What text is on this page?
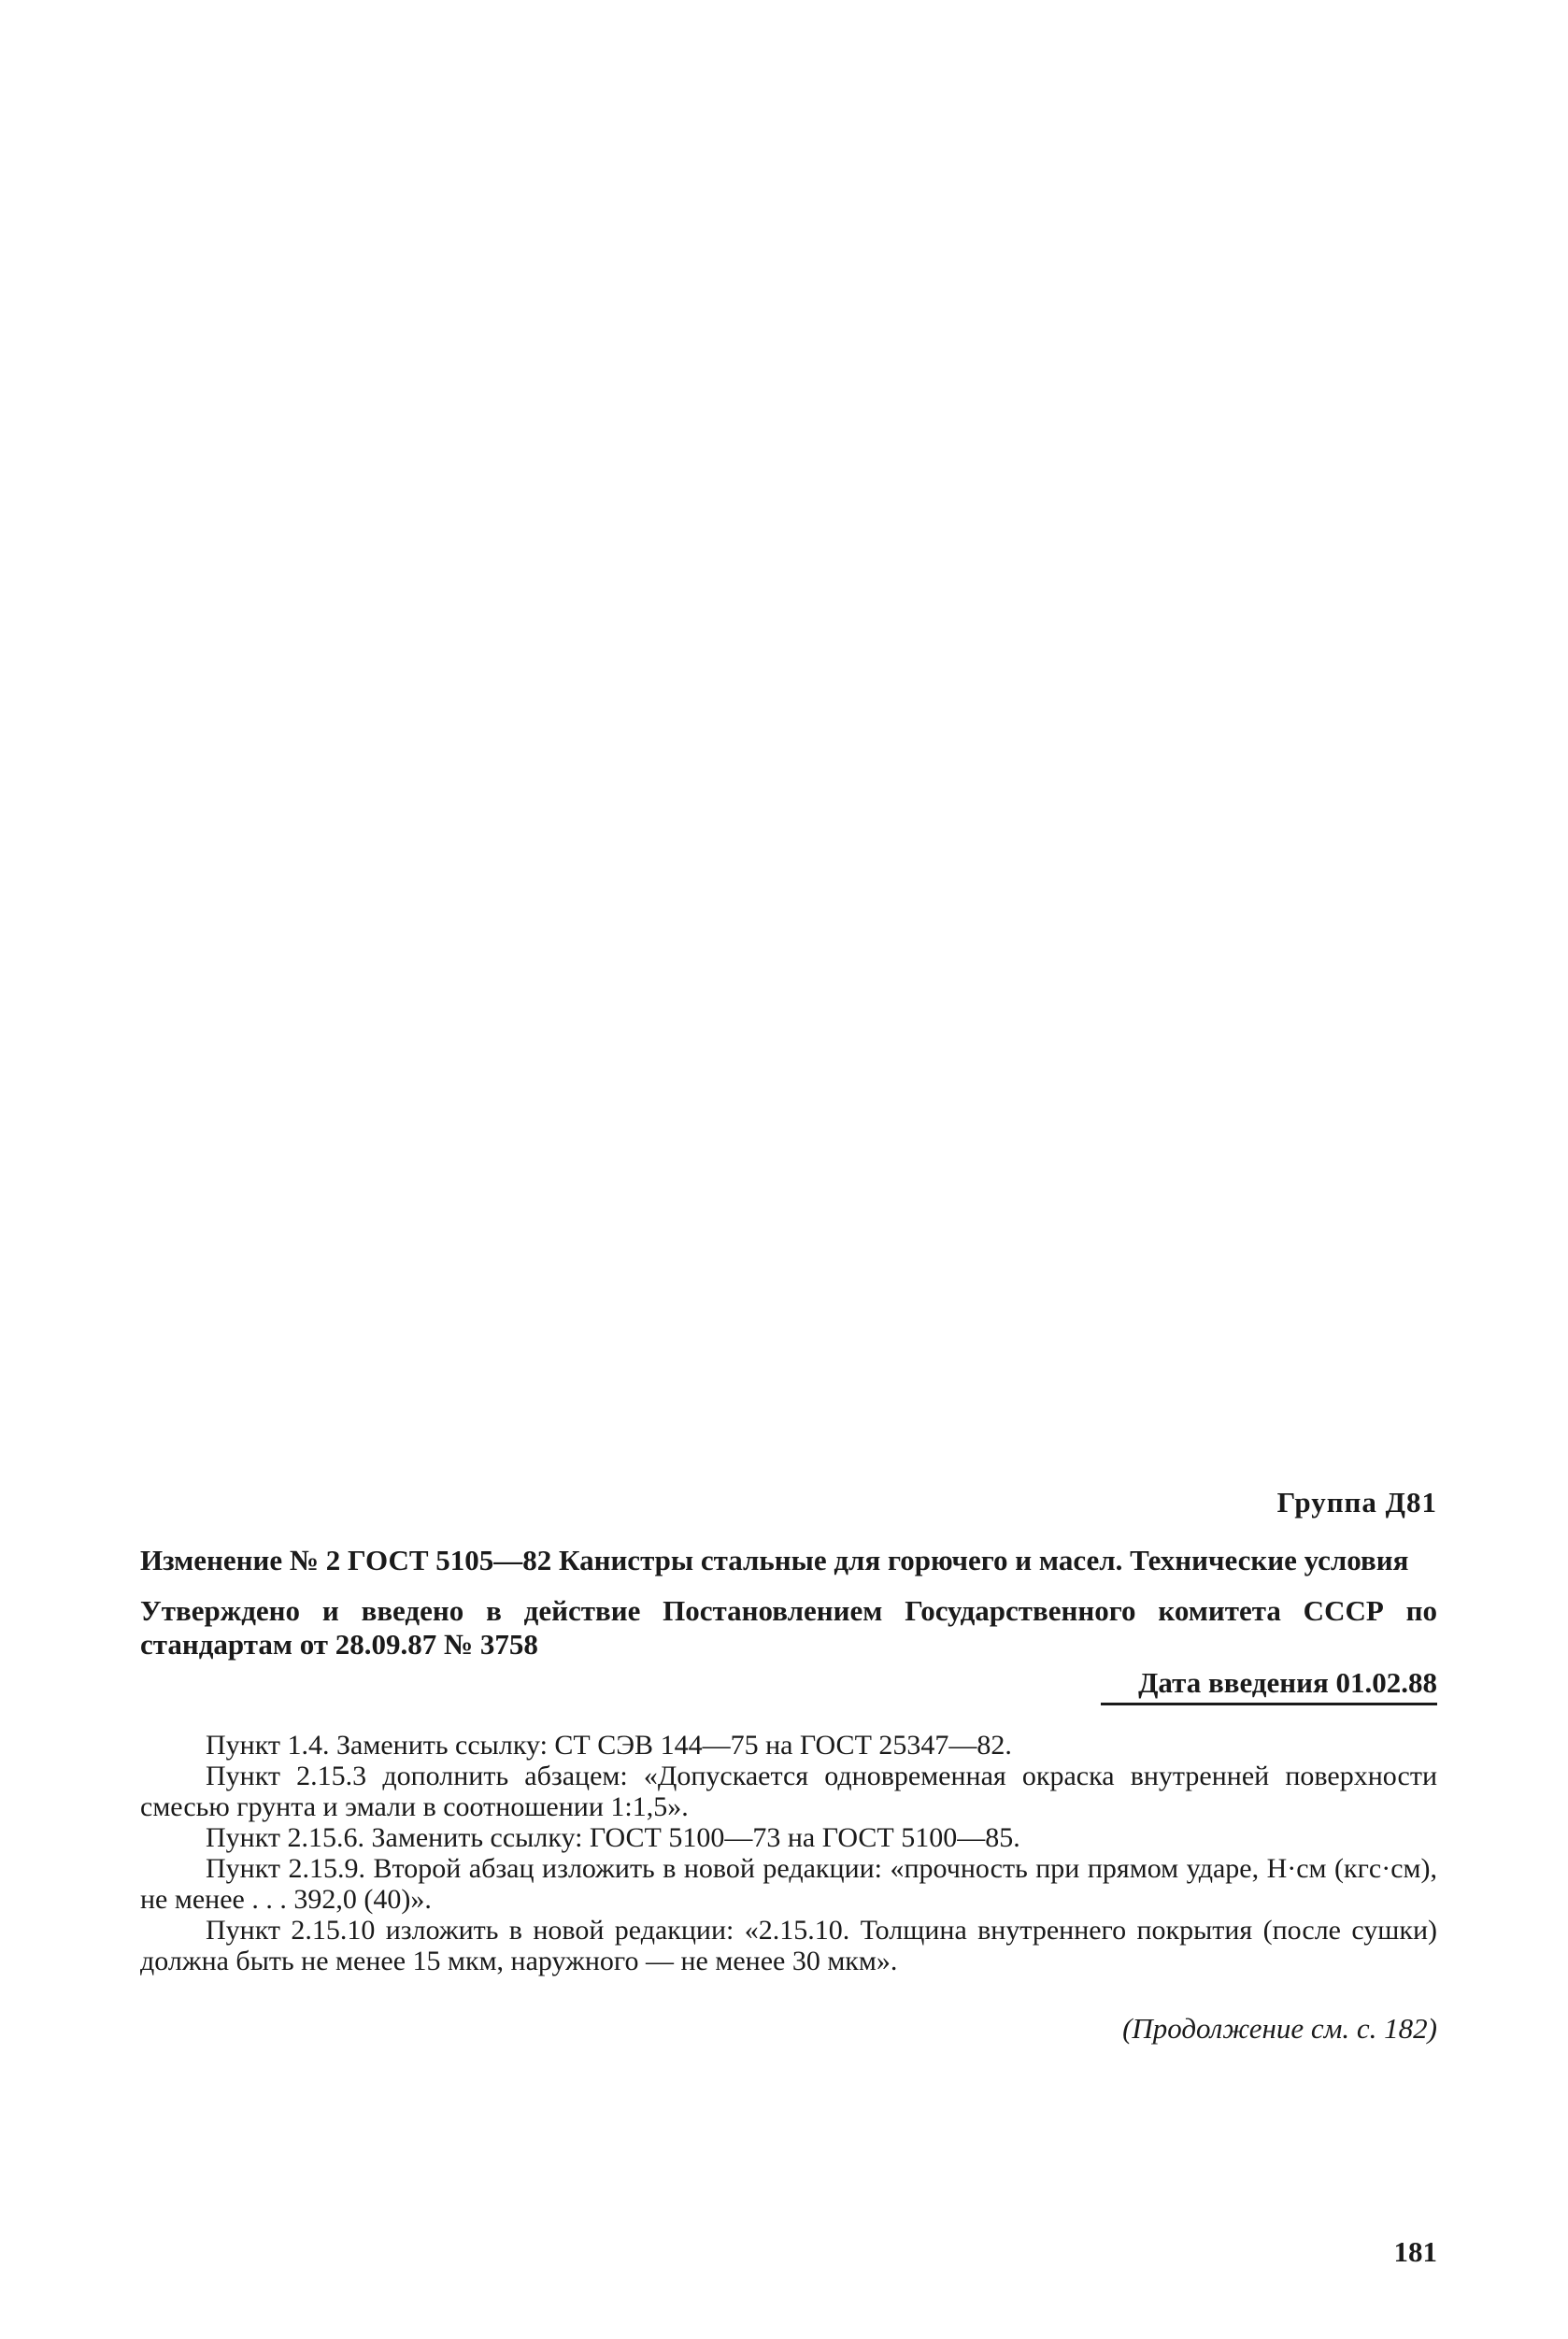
Группа Д81
Изменение № 2 ГОСТ 5105—82 Канистры стальные для горючего и масел. Технические условия
Утверждено и введено в действие Постановлением Государственного комитета СССР по стандартам от 28.09.87 № 3758
Дата введения 01.02.88

Пункт 1.4. Заменить ссылку: СТ СЭВ 144—75 на ГОСТ 25347—82.

Пункт 2.15.3 дополнить абзацем: «Допускается одновременная окраска внутренней поверхности смесью грунта и эмали в соотношении 1:1,5».

Пункт 2.15.6. Заменить ссылку: ГОСТ 5100—73 на ГОСТ 5100—85.

Пункт 2.15.9. Второй абзац изложить в новой редакции: «прочность при прямом ударе, Н·см (кгс·см), не менее . . . 392,0 (40)».

Пункт 2.15.10 изложить в новой редакции: «2.15.10. Толщина внутреннего покрытия (после сушки) должна быть не менее 15 мкм, наружного — не менее 30 мкм».

(Продолжение см. с. 182)
181
